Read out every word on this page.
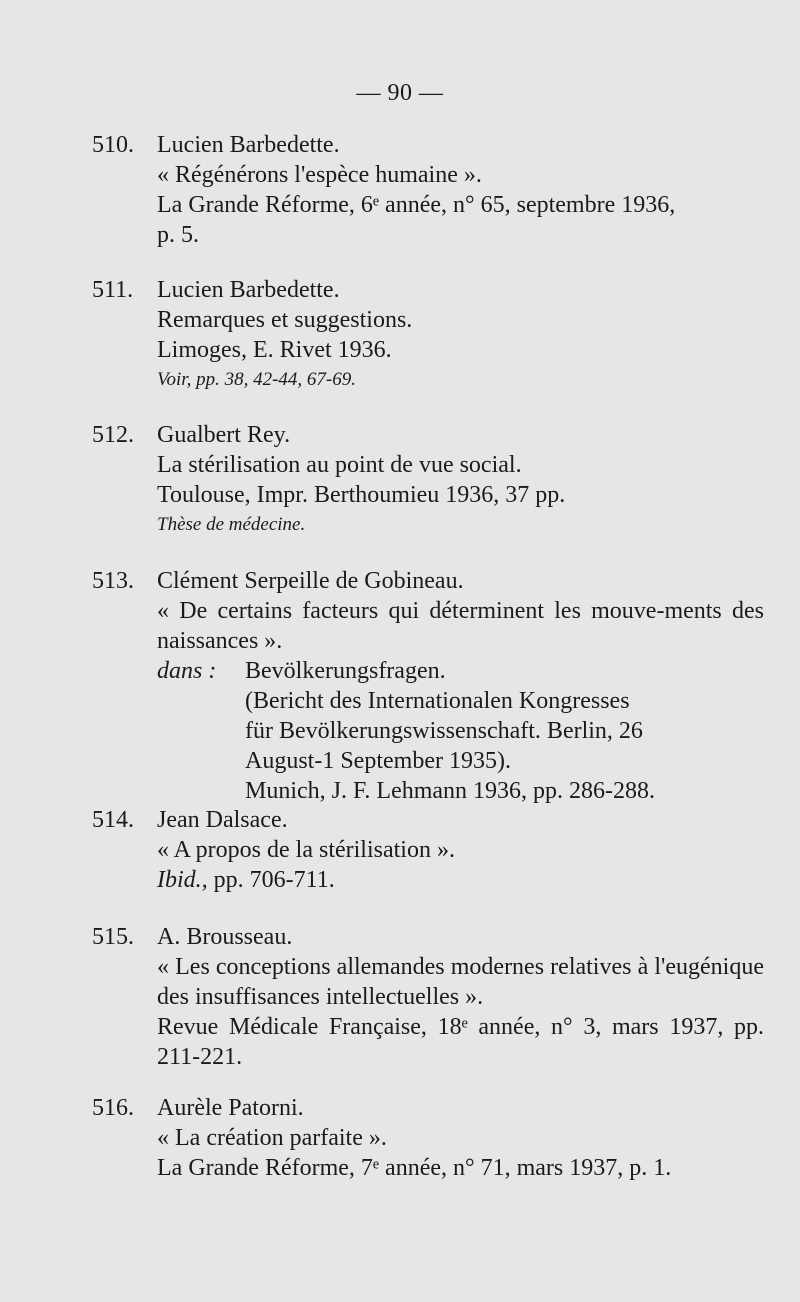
— 90 —
510. Lucien Barbedette.
« Régénérons l'espèce humaine ».
La Grande Réforme, 6ᵉ année, n° 65, septembre 1936,
p. 5.
511. Lucien Barbedette.
Remarques et suggestions.
Limoges, E. Rivet 1936.
Voir, pp. 38, 42-44, 67-69.
512. Gualbert Rey.
La stérilisation au point de vue social.
Toulouse, Impr. Berthoumieu 1936, 37 pp.
Thèse de médecine.
513. Clément Serpeille de Gobineau.
« De certains facteurs qui déterminent les mouve-ments des naissances ».
dans :	Bevölkerungsfragen.
(Bericht des Internationalen Kongresses
für Bevölkerungswissenschaft. Berlin, 26
August-1 September 1935).
Munich, J. F. Lehmann 1936, pp. 286-288.
514. Jean Dalsace.
« A propos de la stérilisation ».
Ibid., pp. 706-711.
515. A. Brousseau.
« Les conceptions allemandes modernes relatives à l'eugénique des insuffisances intellectuelles ».
Revue Médicale Française, 18ᵉ année, n° 3, mars 1937, pp. 211-221.
516. Aurèle Patorni.
« La création parfaite ».
La Grande Réforme, 7ᵉ année, n° 71, mars 1937, p. 1.
